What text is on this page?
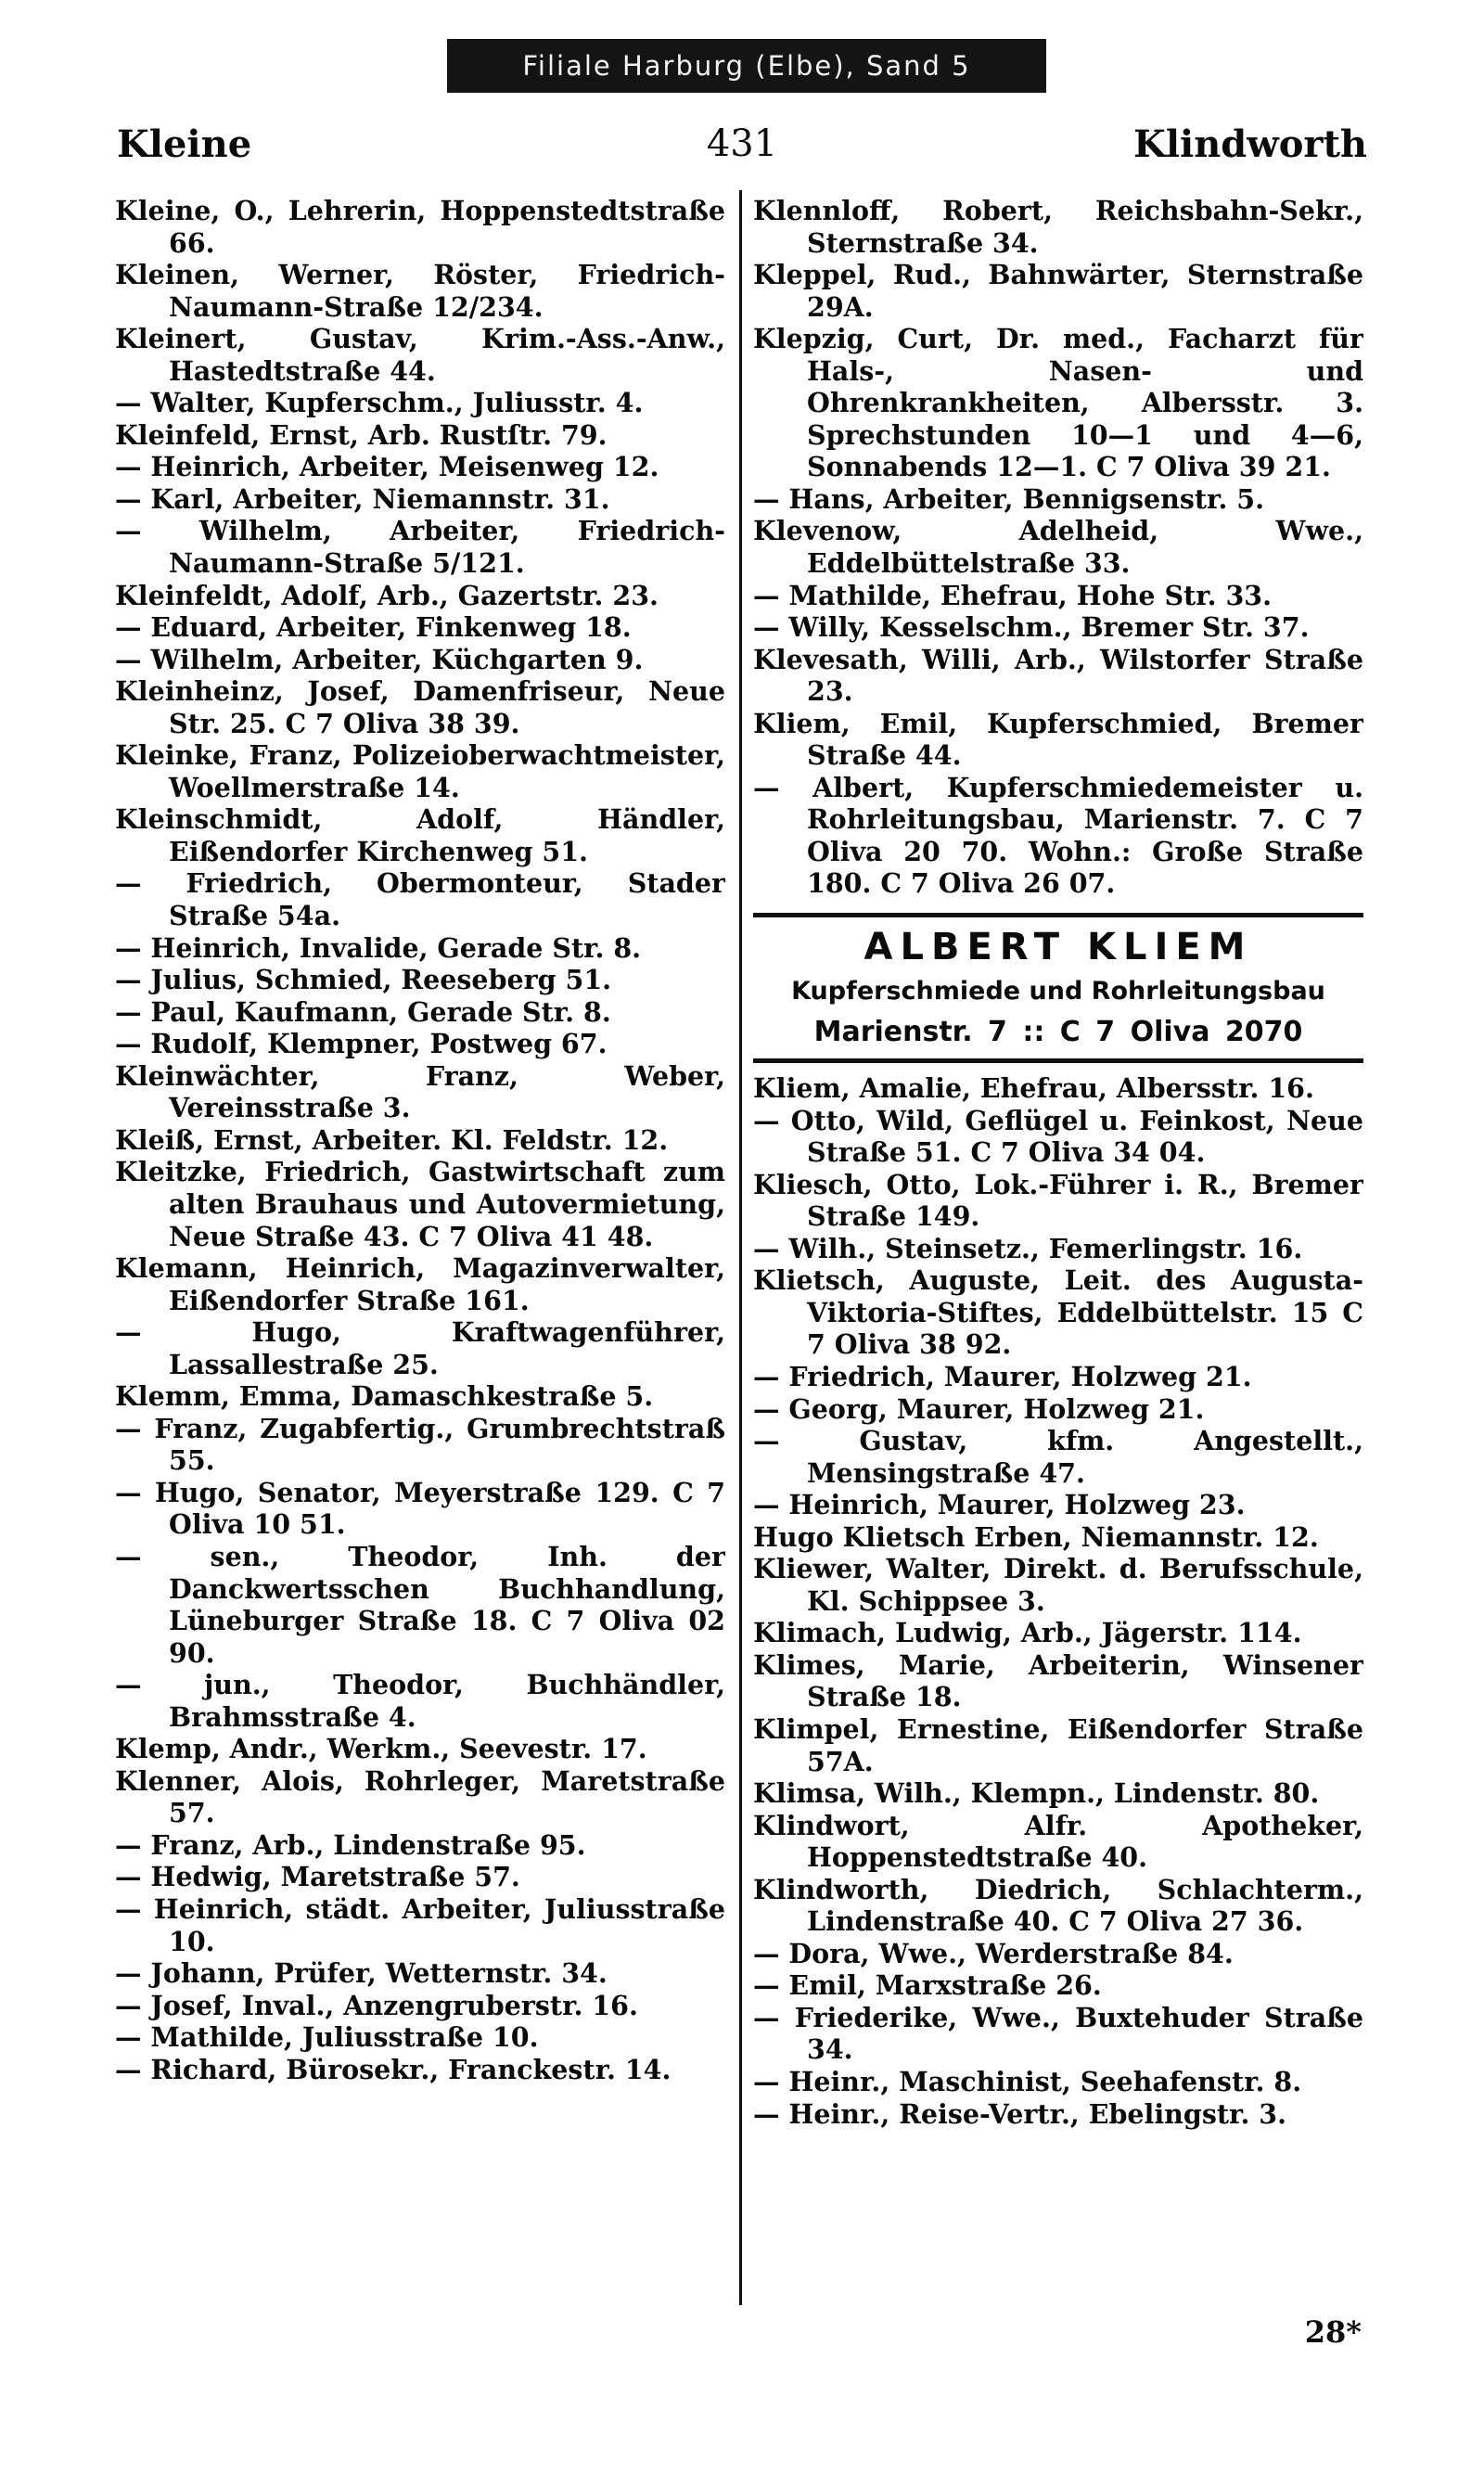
Filiale Harburg (Elbe), Sand 5
Kleine	431	Klindworth
Kleine, O., Lehrerin, Hoppenstedtstraße 66.
Kleinen, Werner, Röster, Friedrich-Naumann-Straße 12/234.
Kleinert, Gustav, Krim.-Ass.-Anw., Hastedtstraße 44.
— Walter, Kupferschm., Juliusstr. 4.
Kleinfeld, Ernst, Arb. Rustſtr. 79.
— Heinrich, Arbeiter, Meisenweg 12.
— Karl, Arbeiter, Niemannstr. 31.
— Wilhelm, Arbeiter, Friedrich-Naumann-Straße 5/121.
Kleinfeldt, Adolf, Arb., Gazertstr. 23.
— Eduard, Arbeiter, Finkenweg 18.
— Wilhelm, Arbeiter, Küchgarten 9.
Kleinheinz, Josef, Damenfriseur, Neue Str. 25. C 7 Oliva 38 39.
Kleinke, Franz, Polizeioberwachtmeister, Woellmerstraße 14.
Kleinschmidt, Adolf, Händler, Eißendorfer Kirchenweg 51.
— Friedrich, Obermonteur, Stader Straße 54a.
— Heinrich, Invalide, Gerade Str. 8.
— Julius, Schmied, Reeseberg 51.
— Paul, Kaufmann, Gerade Str. 8.
— Rudolf, Klempner, Postweg 67.
Kleinwächter, Franz, Weber, Vereinsstraße 3.
Kleiß, Ernst, Arbeiter. Kl. Feldstr. 12.
Kleitzke, Friedrich, Gastwirtschaft zum alten Brauhaus und Autovermietung, Neue Straße 43. C 7 Oliva 41 48.
Klemann, Heinrich, Magazinverwalter, Eißendorfer Straße 161.
— Hugo, Kraftwagenführer, Lassallestraße 25.
Klemm, Emma, Damaschkestraße 5.
— Franz, Zugabfertig., Grumbrechtstraß 55.
— Hugo, Senator, Meyerstraße 129. C 7 Oliva 10 51.
— sen., Theodor, Inh. der Danckwertsschen Buchhandlung, Lüneburger Straße 18. C 7 Oliva 02 90.
— jun., Theodor, Buchhändler, Brahmsstraße 4.
Klemp, Andr., Werkm., Seevestr. 17.
Klenner, Alois, Rohrleger, Maretstraße 57.
— Franz, Arb., Lindenstraße 95.
— Hedwig, Maretstraße 57.
— Heinrich, städt. Arbeiter, Juliusstraße 10.
— Johann, Prüfer, Wetternstr. 34.
— Josef, Inval., Anzengruberstr. 16.
— Mathilde, Juliusstraße 10.
— Richard, Bürosekr., Franckestr. 14.
Klennloff, Robert, Reichsbahn-Sekr., Sternstraße 34.
Kleppel, Rud., Bahnwärter, Sternstraße 29A.
Klepzig, Curt, Dr. med., Facharzt für Hals-, Nasen- und Ohrenkrankheiten, Albersstr. 3. Sprechstunden 10—1 und 4—6, Sonnabends 12—1. C 7 Oliva 39 21.
— Hans, Arbeiter, Bennigsenstr. 5.
Klevenow, Adelheid, Wwe., Eddelbüttelstraße 33.
— Mathilde, Ehefrau, Hohe Str. 33.
— Willy, Kesselschm., Bremer Str. 37.
Klevesath, Willi, Arb., Wilstorfer Straße 23.
Kliem, Emil, Kupferschmied, Bremer Straße 44.
— Albert, Kupferschmiedemeister u. Rohrleitungsbau, Marienstr. 7. C 7 Oliva 20 70. Wohn.: Große Straße 180. C 7 Oliva 26 07.
ALBERT KLIEM
Kupferschmiede und Rohrleitungsbau
Marienstr. 7 :: C 7 Oliva 2070
Kliem, Amalie, Ehefrau, Albersstr. 16.
— Otto, Wild, Geflügel u. Feinkost, Neue Straße 51. C 7 Oliva 34 04.
Kliesch, Otto, Lok.-Führer i. R., Bremer Straße 149.
— Wilh., Steinsetz., Femerlingstr. 16.
Klietsch, Auguste, Leit. des Augusta-Viktoria-Stiftes, Eddelbüttelstr. 15 C 7 Oliva 38 92.
— Friedrich, Maurer, Holzweg 21.
— Georg, Maurer, Holzweg 21.
— Gustav, kfm. Angestellt., Mensingstraße 47.
— Heinrich, Maurer, Holzweg 23.
Hugo Klietsch Erben, Niemannstr. 12.
Kliewer, Walter, Direkt. d. Berufsschule, Kl. Schippsee 3.
Klimach, Ludwig, Arb., Jägerstr. 114.
Klimes, Marie, Arbeiterin, Winsener Straße 18.
Klimpel, Ernestine, Eißendorfer Straße 57A.
Klimsa, Wilh., Klempn., Lindenstr. 80.
Klindwort, Alfr. Apotheker, Hoppenstedtstraße 40.
Klindworth, Diedrich, Schlachterm., Lindenstraße 40. C 7 Oliva 27 36.
— Dora, Wwe., Werderstraße 84.
— Emil, Marxstraße 26.
— Friederike, Wwe., Buxtehuder Straße 34.
— Heinr., Maschinist, Seehafenstr. 8.
— Heinr., Reise-Vertr., Ebelingstr. 3.
28*
